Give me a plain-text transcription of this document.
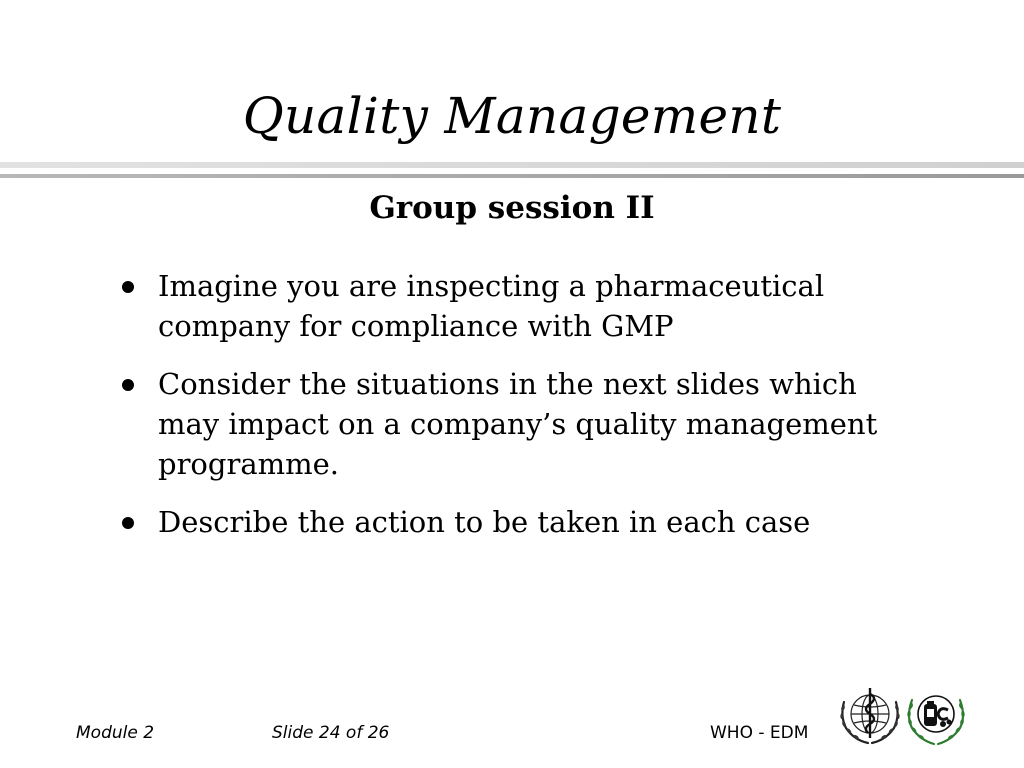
Quality Management
Group session II
Imagine you are inspecting a pharmaceutical company for compliance with GMP
Consider the situations in the next slides which may impact on a company’s quality management programme.
Describe the action to be taken in each case
Module 2	Slide 24 of 26	WHO - EDM
